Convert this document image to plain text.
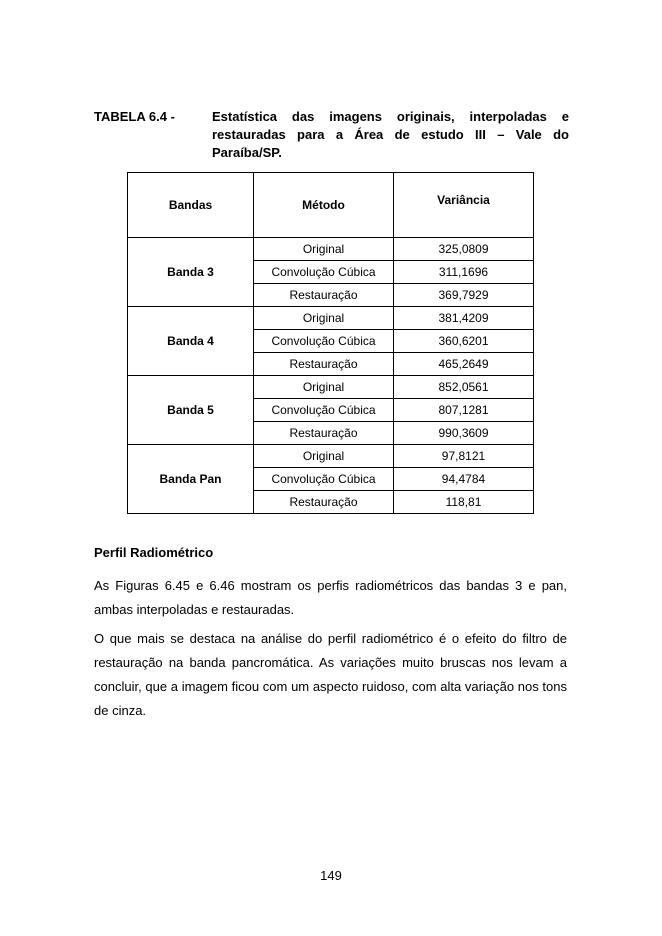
TABELA 6.4 -	Estatística das imagens originais, interpoladas e restauradas para a Área de estudo III – Vale do Paraíba/SP.
Bandas	Método	Variância
Banda 3	Original	325,0809
	Convolução Cúbica	311,1696
	Restauração	369,7929
Banda 4	Original	381,4209
	Convolução Cúbica	360,6201
	Restauração	465,2649
Banda 5	Original	852,0561
	Convolução Cúbica	807,1281
	Restauração	990,3609
Banda Pan	Original	97,8121
	Convolução Cúbica	94,4784
	Restauração	118,81
Perfil Radiométrico

As Figuras 6.45 e 6.46 mostram os perfis radiométricos das bandas 3 e pan, ambas interpoladas e restauradas.

O que mais se destaca na análise do perfil radiométrico é o efeito do filtro de restauração na banda pancromática. As variações muito bruscas nos levam a concluir, que a imagem ficou com um aspecto ruidoso, com alta variação nos tons de cinza.

149
